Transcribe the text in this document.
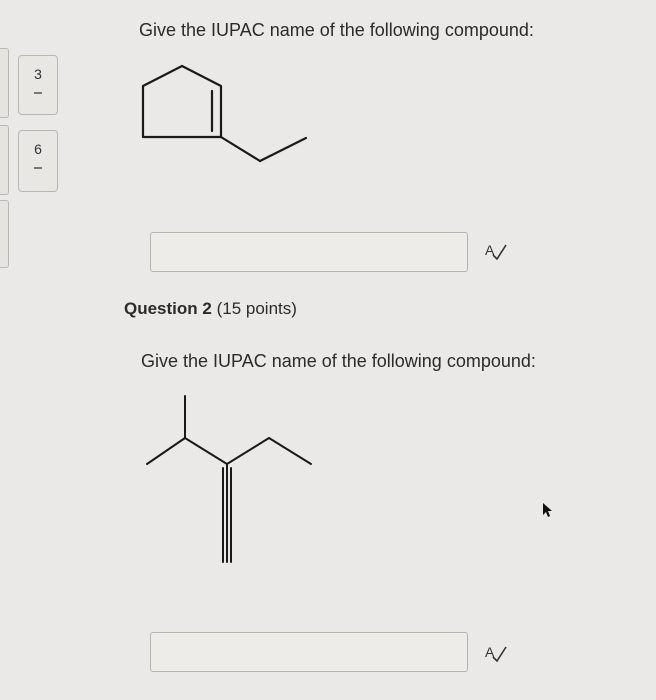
3
6
Give the IUPAC name of the following compound:
A
Question 2 (15 points)
Give the IUPAC name of the following compound:
A
